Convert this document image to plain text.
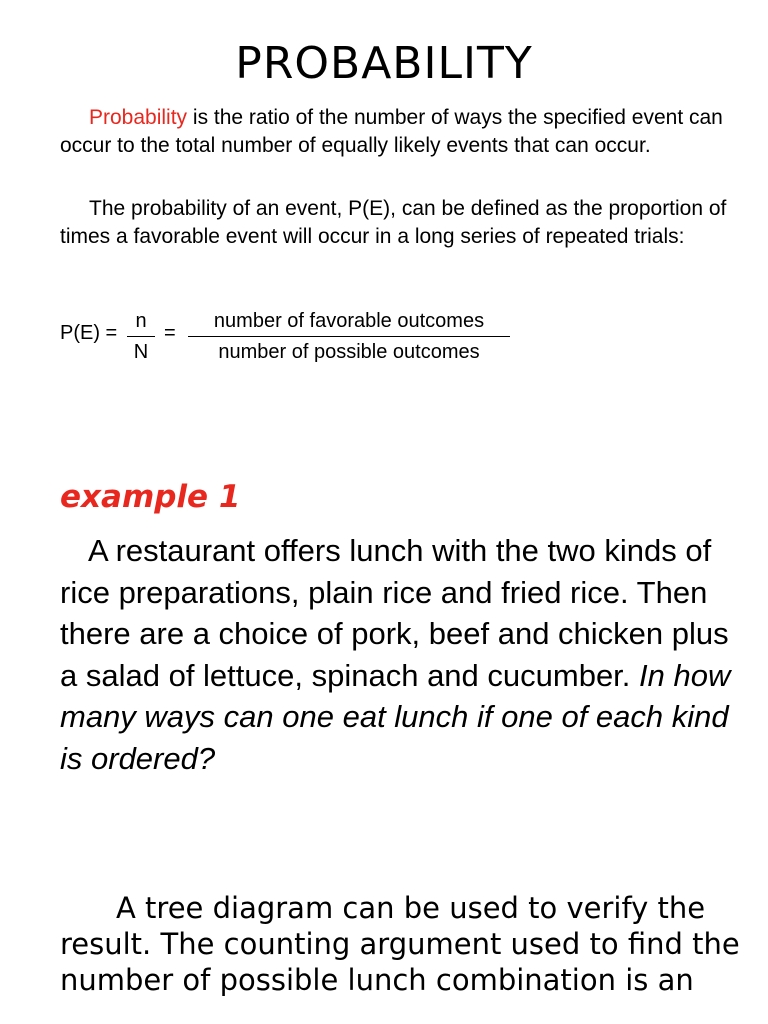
PROBABILITY

Probability is the ratio of the number of ways the specified event can occur to the total number of equally likely events that can occur.

The probability of an event, P(E), can be defined as the proportion of times a favorable event will occur in a long series of repeated trials:

P(E) =
n
N
=
number of favorable outcomes
number of possible outcomes
example 1

A restaurant offers lunch with the two kinds of rice preparations, plain rice and fried rice. Then there are a choice of pork, beef and chicken plus a salad of lettuce, spinach and cucumber. In how many ways can one eat lunch if one of each kind is ordered?

A tree diagram can be used to verify the result. The counting argument used to find the number of possible lunch combination is an
